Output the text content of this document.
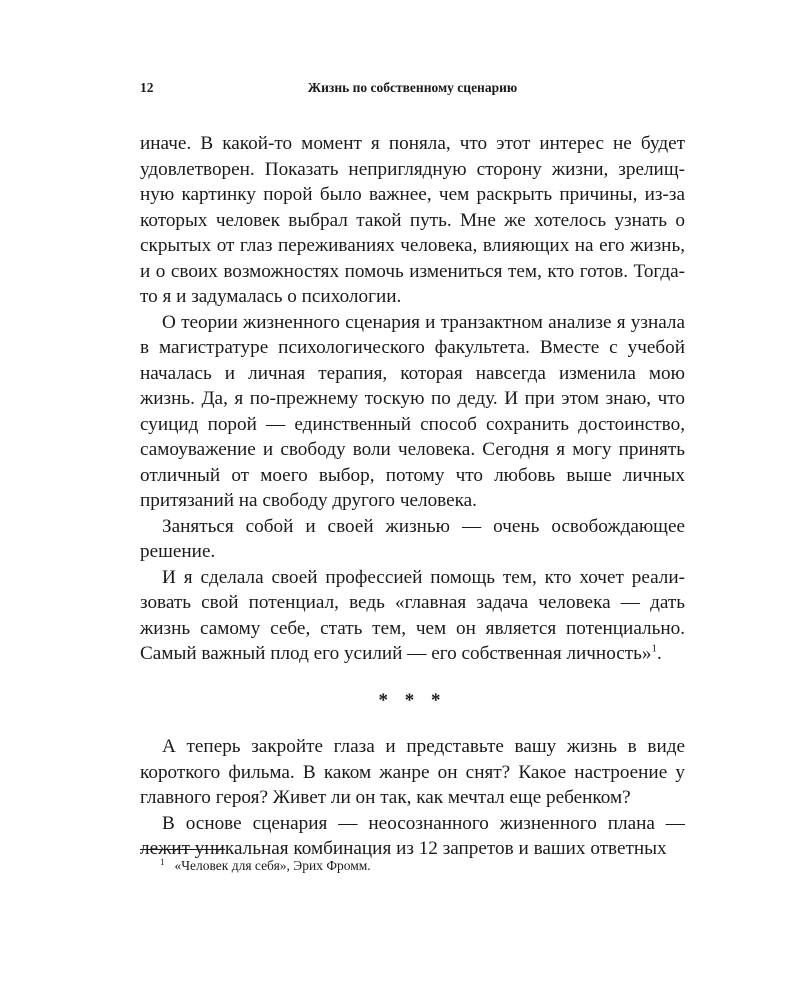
12	Жизнь по собственному сценарию

иначе. В какой-то момент я поняла, что этот интерес не будет удовлетворен. Показать неприглядную сторону жизни, зрелищную картинку порой было важнее, чем раскрыть причины, из-за которых человек выбрал такой путь. Мне же хотелось узнать о скрытых от глаз переживаниях человека, влияющих на его жизнь, и о своих возможностях помочь измениться тем, кто готов. Тогда-то я и задумалась о психологии.

О теории жизненного сценария и транзактном анализе я узнала в магистратуре психологического факультета. Вместе с учебой началась и личная терапия, которая навсегда изменила мою жизнь. Да, я по-прежнему тоскую по деду. И при этом знаю, что суицид порой — единственный способ сохранить достоинство, самоуважение и свободу воли человека. Сегодня я могу принять отличный от моего выбор, потому что любовь выше личных притязаний на свободу другого человека.

Заняться собой и своей жизнью — очень освобождающее решение.

И я сделала своей профессией помощь тем, кто хочет реализовать свой потенциал, ведь «главная задача человека — дать жизнь самому себе, стать тем, чем он является потенциально. Самый важный плод его усилий — его собственная личность»$^1$.

* * *

А теперь закройте глаза и представьте вашу жизнь в виде короткого фильма. В каком жанре он снят? Какое настроение у главного героя? Живет ли он так, как мечтал еще ребенком?

В основе сценария — неосознанного жизненного плана — лежит уникальная комбинация из 12 запретов и ваших ответных

$^1$ «Человек для себя», Эрих Фромм.
